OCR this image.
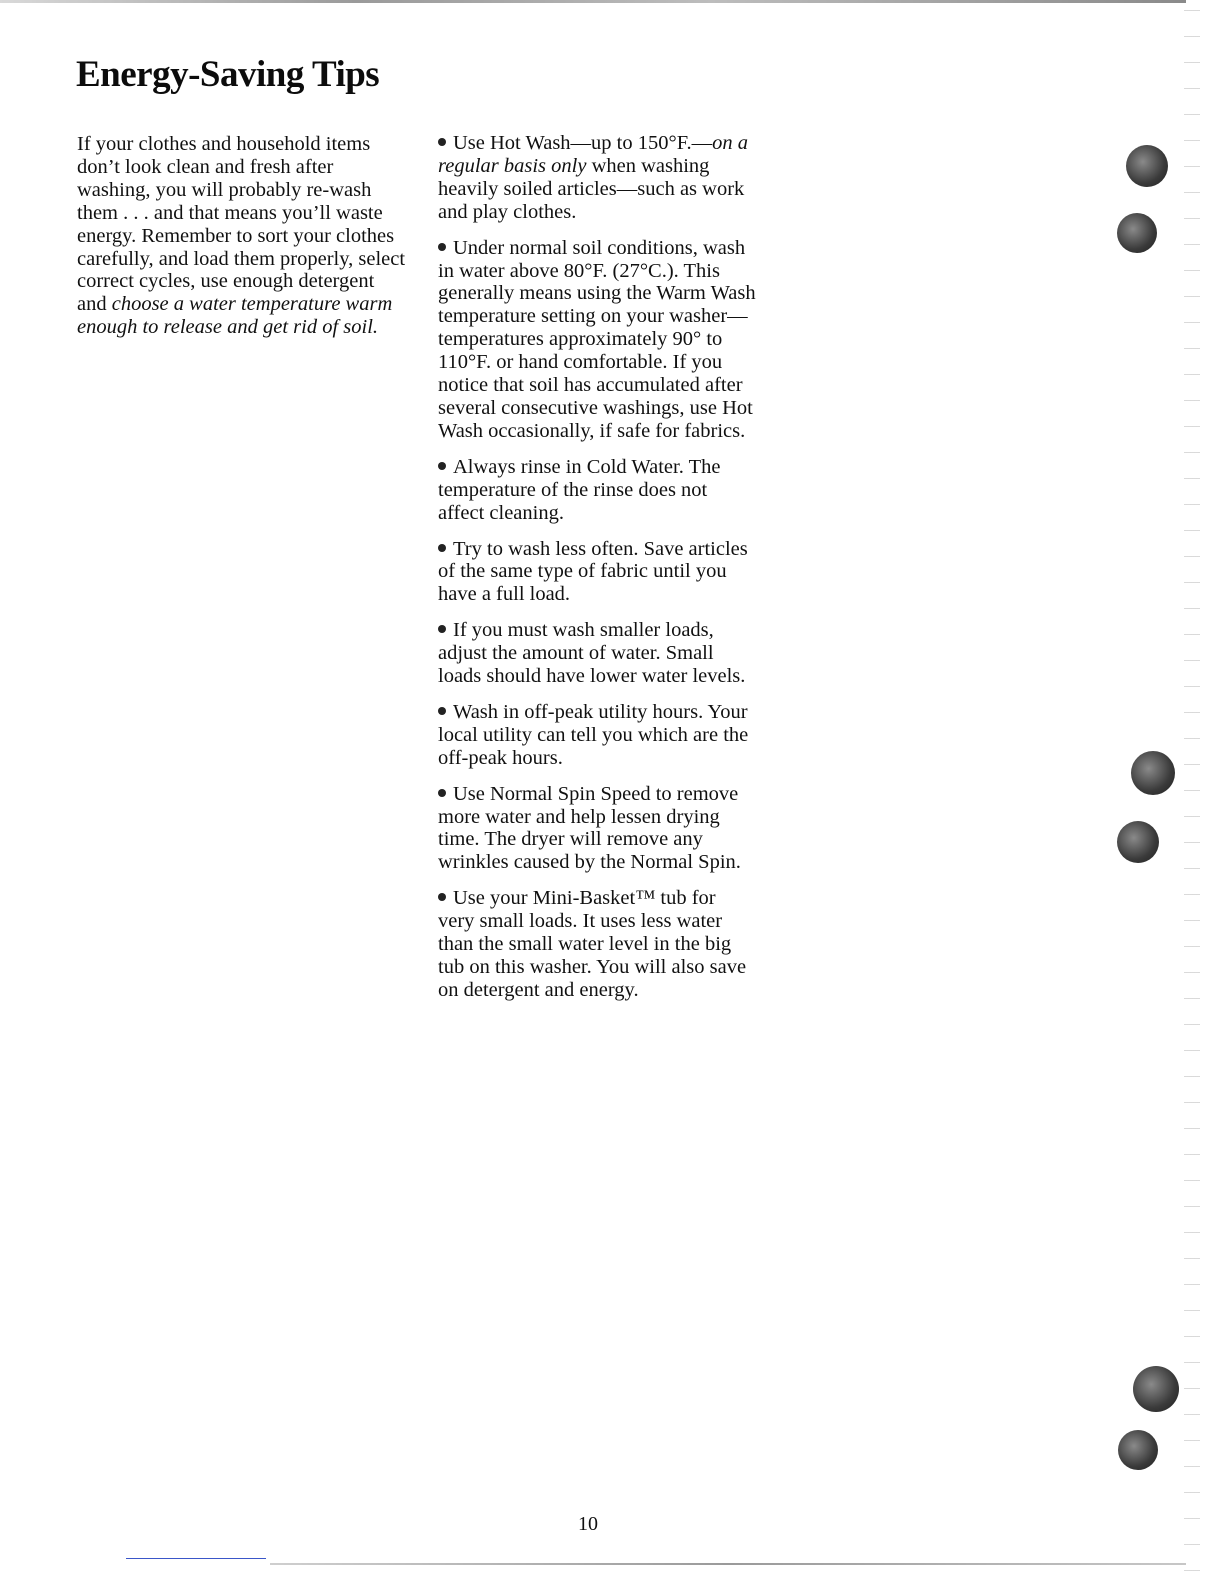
Energy-Saving Tips

If your clothes and household items don’t look clean and fresh after washing, you will probably re-wash them . . . and that means you’ll waste energy. Remember to sort your clothes carefully, and load them properly, select correct cycles, use enough detergent and choose a water temperature warm enough to release and get rid of soil.

Use Hot Wash—up to 150°F.—on a regular basis only when washing heavily soiled articles—such as work and play clothes.
Under normal soil conditions, wash in water above 80°F. (27°C.). This generally means using the Warm Wash temperature setting on your washer—temperatures approximately 90° to 110°F. or hand comfortable. If you notice that soil has accumulated after several consecutive washings, use Hot Wash occasionally, if safe for fabrics.
Always rinse in Cold Water. The temperature of the rinse does not affect cleaning.
Try to wash less often. Save articles of the same type of fabric until you have a full load.
If you must wash smaller loads, adjust the amount of water. Small loads should have lower water levels.
Wash in off-peak utility hours. Your local utility can tell you which are the off-peak hours.
Use Normal Spin Speed to remove more water and help lessen drying time. The dryer will remove any wrinkles caused by the Normal Spin.
Use your Mini-Basket™ tub for very small loads. It uses less water than the small water level in the big tub on this washer. You will also save on detergent and energy.
10
